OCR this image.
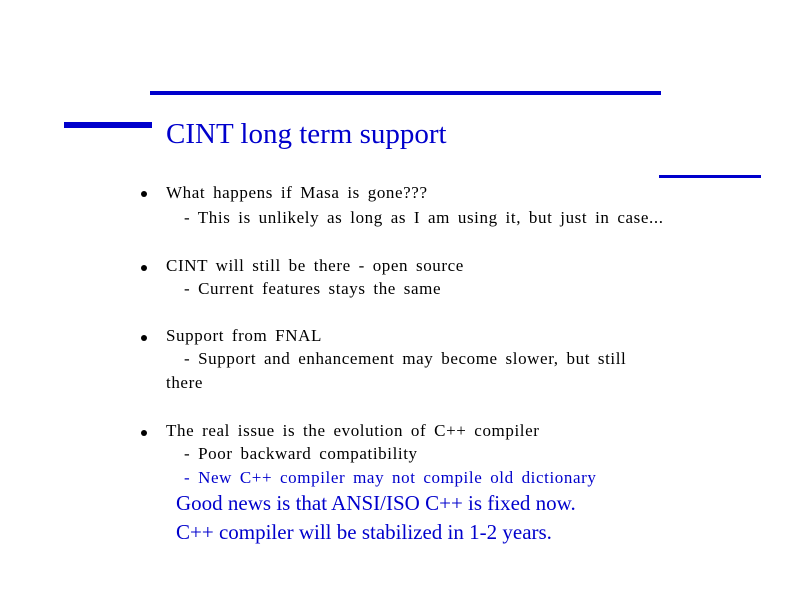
CINT long term support
What happens if Masa is gone???
- This is unlikely as long as I am using it, but just in case...
CINT will still be there - open source
- Current features stays the same
Support from FNAL
- Support and enhancement may become slower, but still
there
The real issue is the evolution of C++ compiler
- Poor backward compatibility
- New C++ compiler may not compile old dictionary
Good news is that ANSI/ISO C++ is fixed now.
C++ compiler will be stabilized in 1-2 years.
